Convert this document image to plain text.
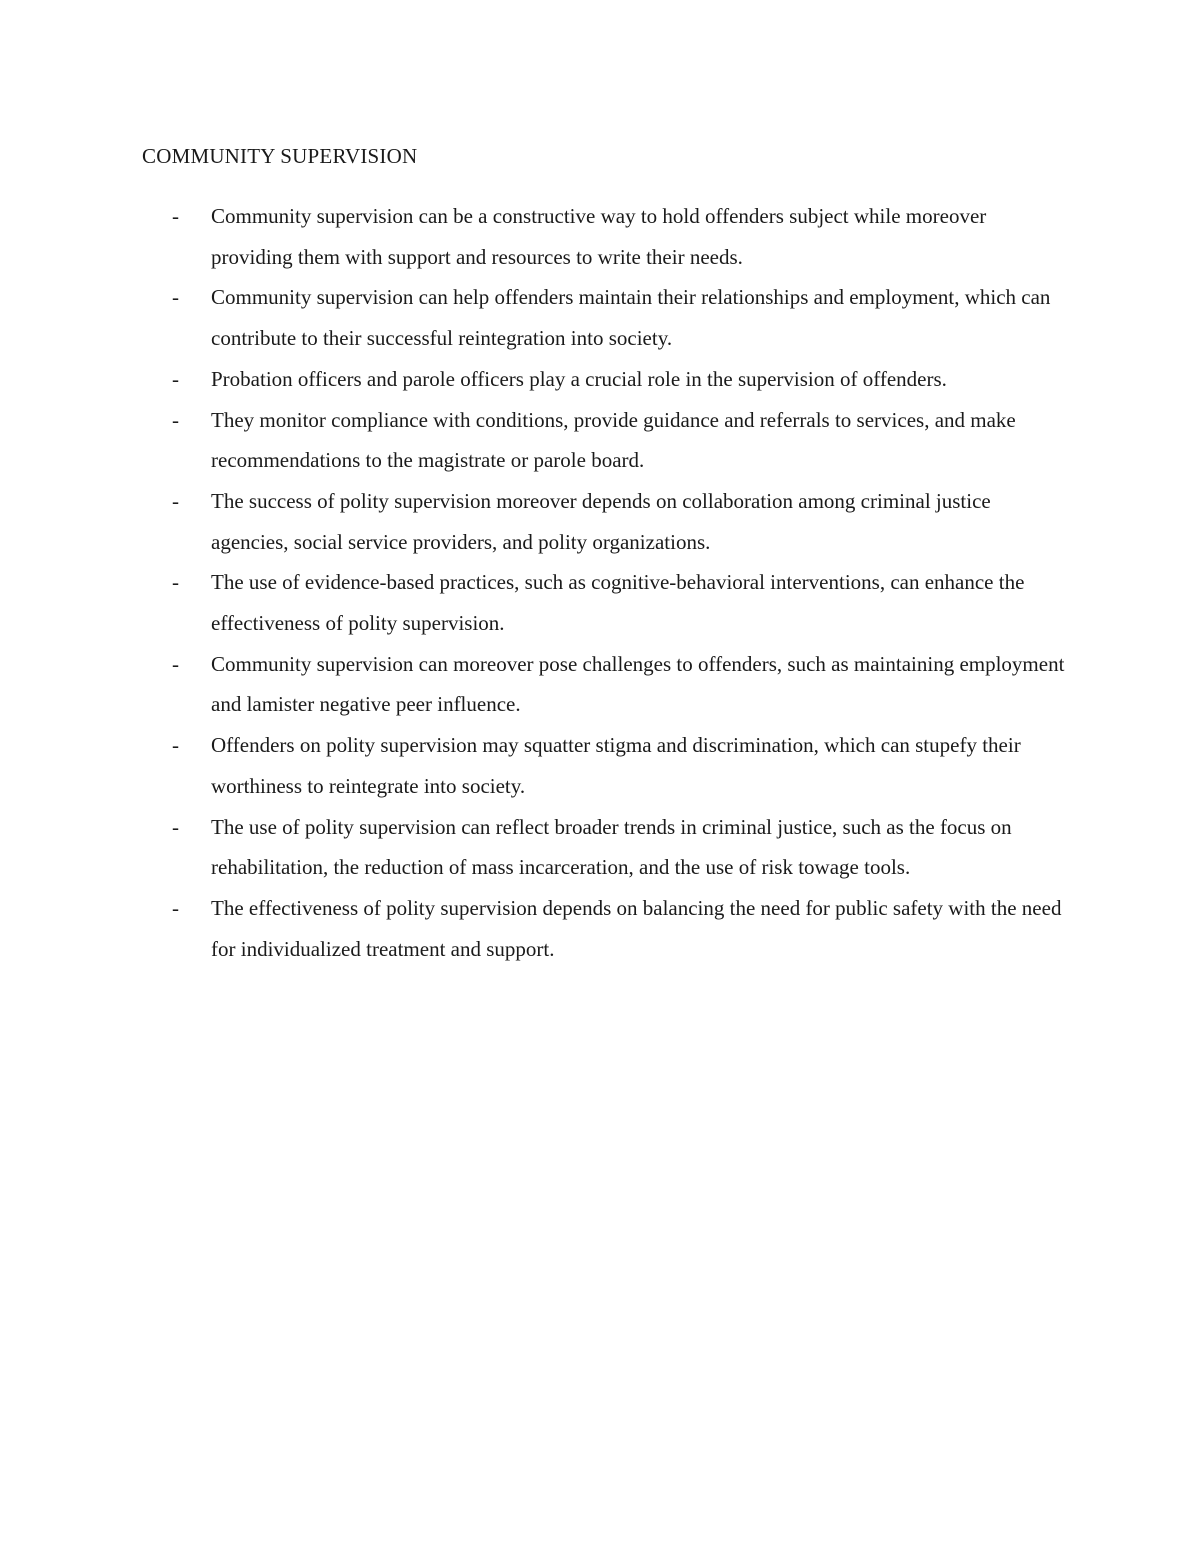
COMMUNITY SUPERVISION
-	Community supervision can be a constructive way to hold offenders subject while moreover providing them with support and resources to write their needs.
-	Community supervision can help offenders maintain their relationships and employment, which can contribute to their successful reintegration into society.
-	Probation officers and parole officers play a crucial role in the supervision of offenders.
-	They monitor compliance with conditions, provide guidance and referrals to services, and make recommendations to the magistrate or parole board.
-	The success of polity supervision moreover depends on collaboration among criminal justice agencies, social service providers, and polity organizations.
-	The use of evidence-based practices, such as cognitive-behavioral interventions, can enhance the effectiveness of polity supervision.
-	Community supervision can moreover pose challenges to offenders, such as maintaining employment and lamister negative peer influence.
-	Offenders on polity supervision may squatter stigma and discrimination, which can stupefy their worthiness to reintegrate into society.
-	The use of polity supervision can reflect broader trends in criminal justice, such as the focus on rehabilitation, the reduction of mass incarceration, and the use of risk towage tools.
-	The effectiveness of polity supervision depends on balancing the need for public safety with the need for individualized treatment and support.
